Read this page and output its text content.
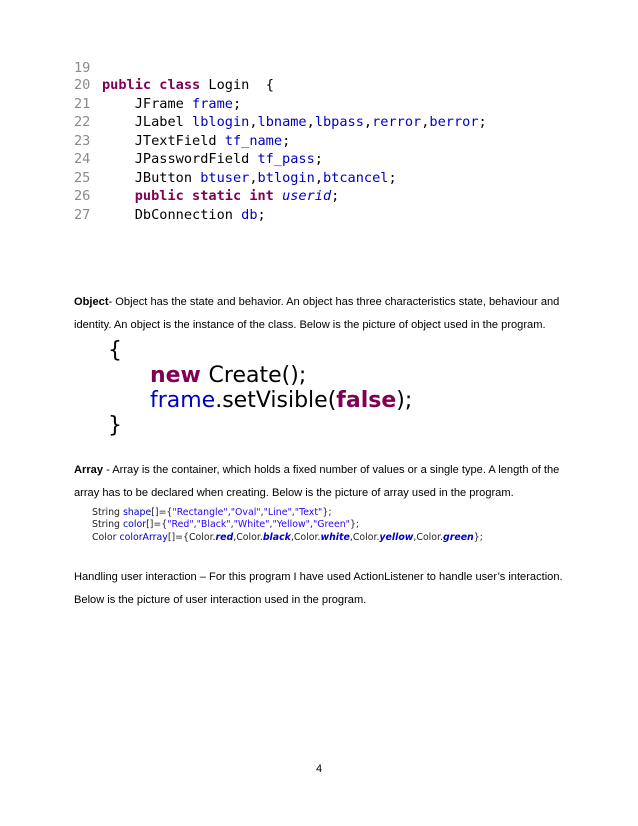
19
20 public class Login  {
21    JFrame frame;
22    JLabel lblogin,lbname,lbpass,rerror,berror;
23    JTextField tf_name;
24    JPasswordField tf_pass;
25    JButton btuser,btlogin,btcancel;
26    public static int userid;
27    DbConnection db;
Object- Object has the state and behavior. An object has three characteristics state, behaviour and identity. An object is the instance of the class. Below is the picture of object used in the program.
{
new Create();
frame.setVisible(false);
}
Array - Array is the container, which holds a fixed number of values or a single type. A length of the array has to be declared when creating. Below is the picture of array used in the program.
String shape[]={"Rectangle","Oval","Line","Text"};
String color[]={"Red","Black","White","Yellow","Green"};
Color colorArray[]={Color.red,Color.black,Color.white,Color.yellow,Color.green};
Handling user interaction – For this program I have used ActionListener to handle user’s interaction. Below is the picture of user interaction used in the program.
4
